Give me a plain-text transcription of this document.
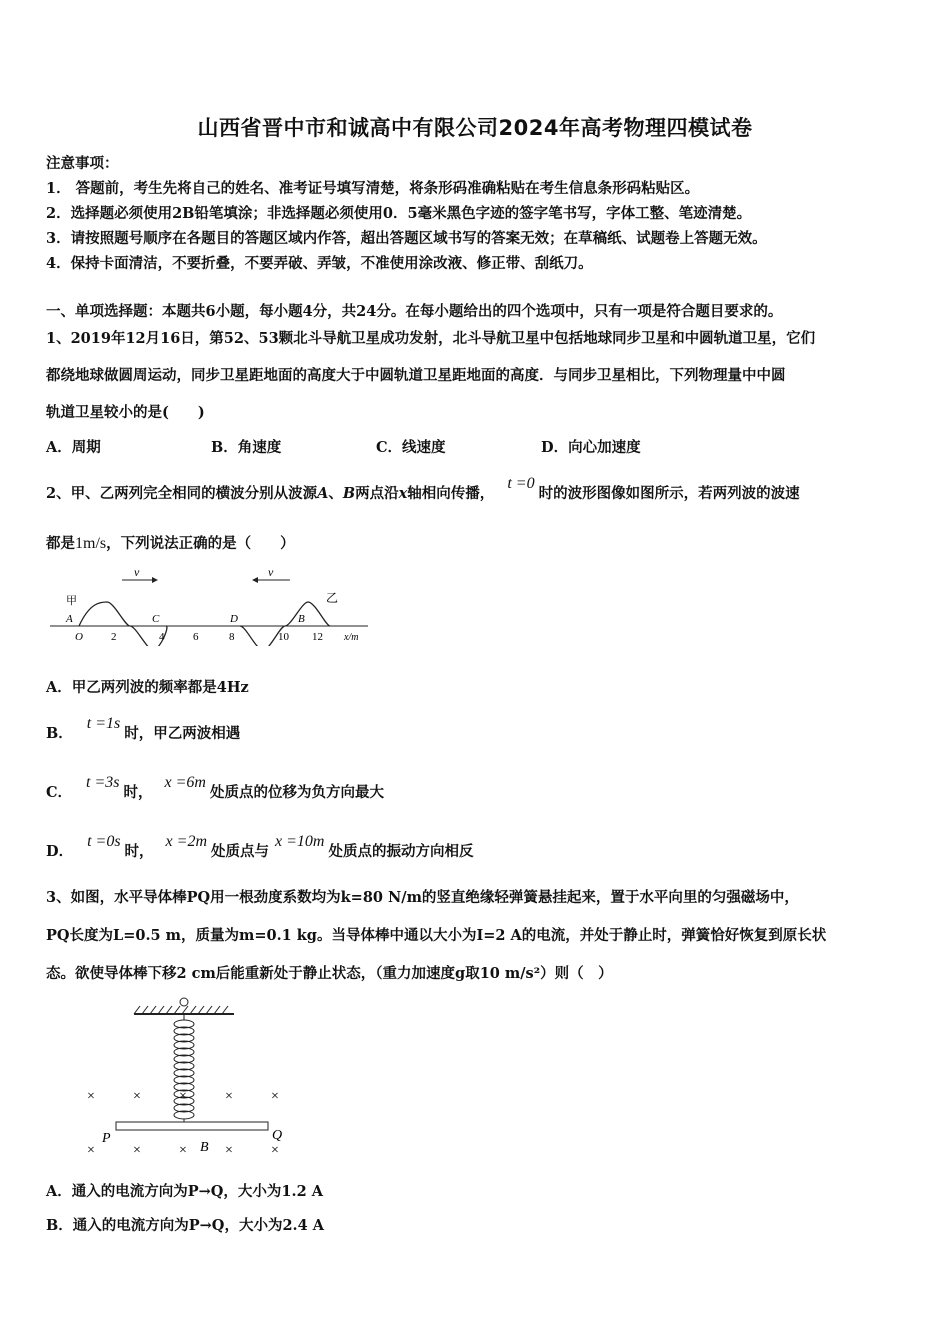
山西省晋中市和诚高中有限公司2024年高考物理四模试卷
注意事项：
1． 答题前，考生先将自己的姓名、准考证号填写清楚，将条形码准确粘贴在考生信息条形码粘贴区。
2．选择题必须使用2B铅笔填涂；非选择题必须使用0．5毫米黑色字迹的签字笔书写，字体工整、笔迹清楚。
3．请按照题号顺序在各题目的答题区域内作答，超出答题区域书写的答案无效；在草稿纸、试题卷上答题无效。
4．保持卡面清洁，不要折叠，不要弄破、弄皱，不准使用涂改液、修正带、刮纸刀。
一、单项选择题：本题共6小题，每小题4分，共24分。在每小题给出的四个选项中，只有一项是符合题目要求的。
1、2019年12月16日，第52、53颗北斗导航卫星成功发射，北斗导航卫星中包括地球同步卫星和中圆轨道卫星，它们
都绕地球做圆周运动，同步卫星距地面的高度大于中圆轨道卫星距地面的高度．与同步卫星相比，下列物理量中中圆
轨道卫星较小的是(　　)
A．周期	B．角速度	C．线速度	D．向心加速度
2、甲、乙两列完全相同的横波分别从波源A、B两点沿x轴相向传播， t =0时的波形图像如图所示，若两列波的波速
都是1m/s，下列说法正确的是（　　）
v	v
甲	乙
A	C	D	B
O	2	4	6	8	10 12 x/m
A．甲乙两列波的频率都是4Hz
B．t =1s时，甲乙两波相遇
C．t =3s时，x =6m处质点的位移为负方向最大
D．t =0s时，x =2m处质点与x =10m处质点的振动方向相反
3、如图，水平导体棒PQ用一根劲度系数均为k=80 N/m的竖直绝缘轻弹簧悬挂起来，置于水平向里的匀强磁场中，
PQ长度为L=0.5 m，质量为m=0.1 kg。当导体棒中通以大小为I=2 A的电流，并处于静止时，弹簧恰好恢复到原长状
态。欲使导体棒下移2 cm后能重新处于静止状态，（重力加速度g取10 m/s²）则（　）
×	×	×	×	×
×	×	×	×	×
P	Q
B
A．通入的电流方向为P→Q，大小为1.2 A
B．通入的电流方向为P→Q，大小为2.4 A
